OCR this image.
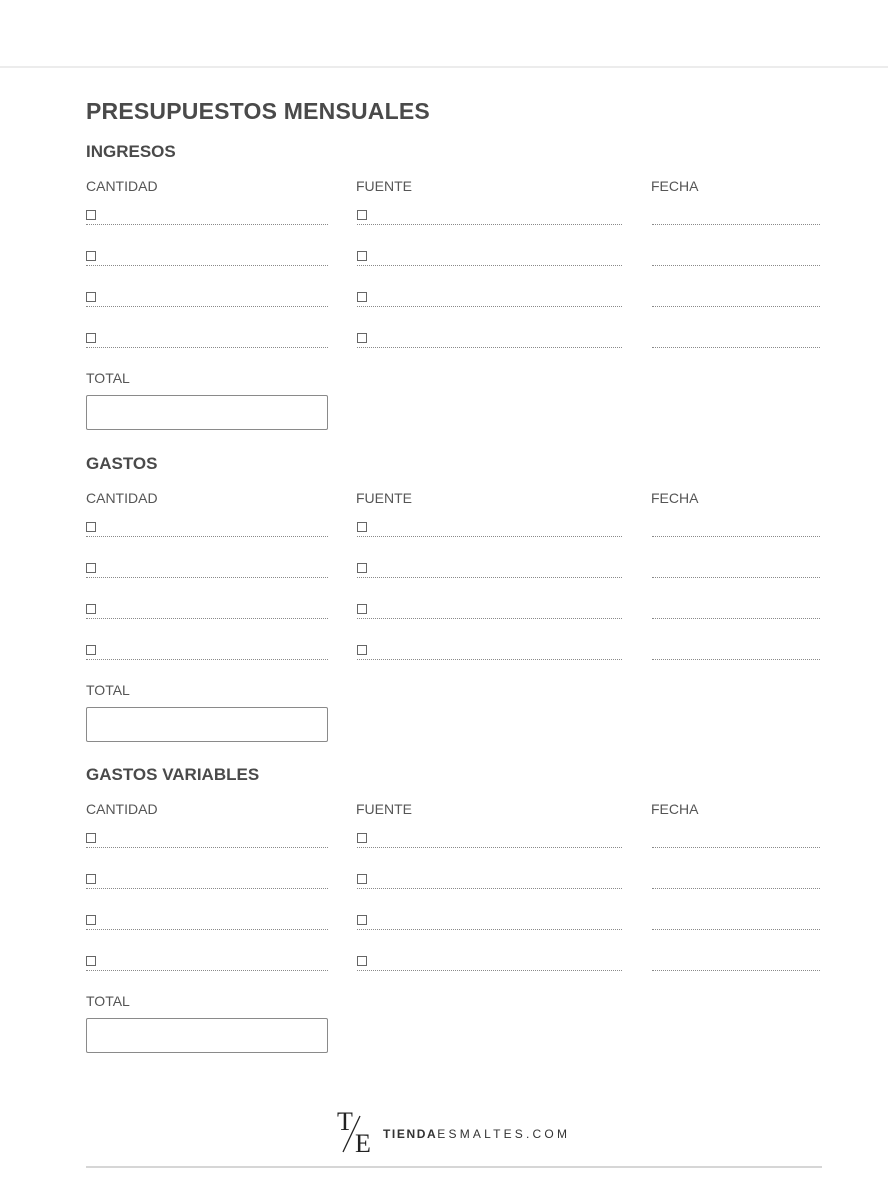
PRESUPUESTOS MENSUALES
INGRESOS
CANTIDAD	FUENTE	FECHA
TOTAL
GASTOS
CANTIDAD	FUENTE	FECHA
TOTAL
GASTOS VARIABLES
CANTIDAD	FUENTE	FECHA
TOTAL
T
E TIENDAESMALTES.COM
